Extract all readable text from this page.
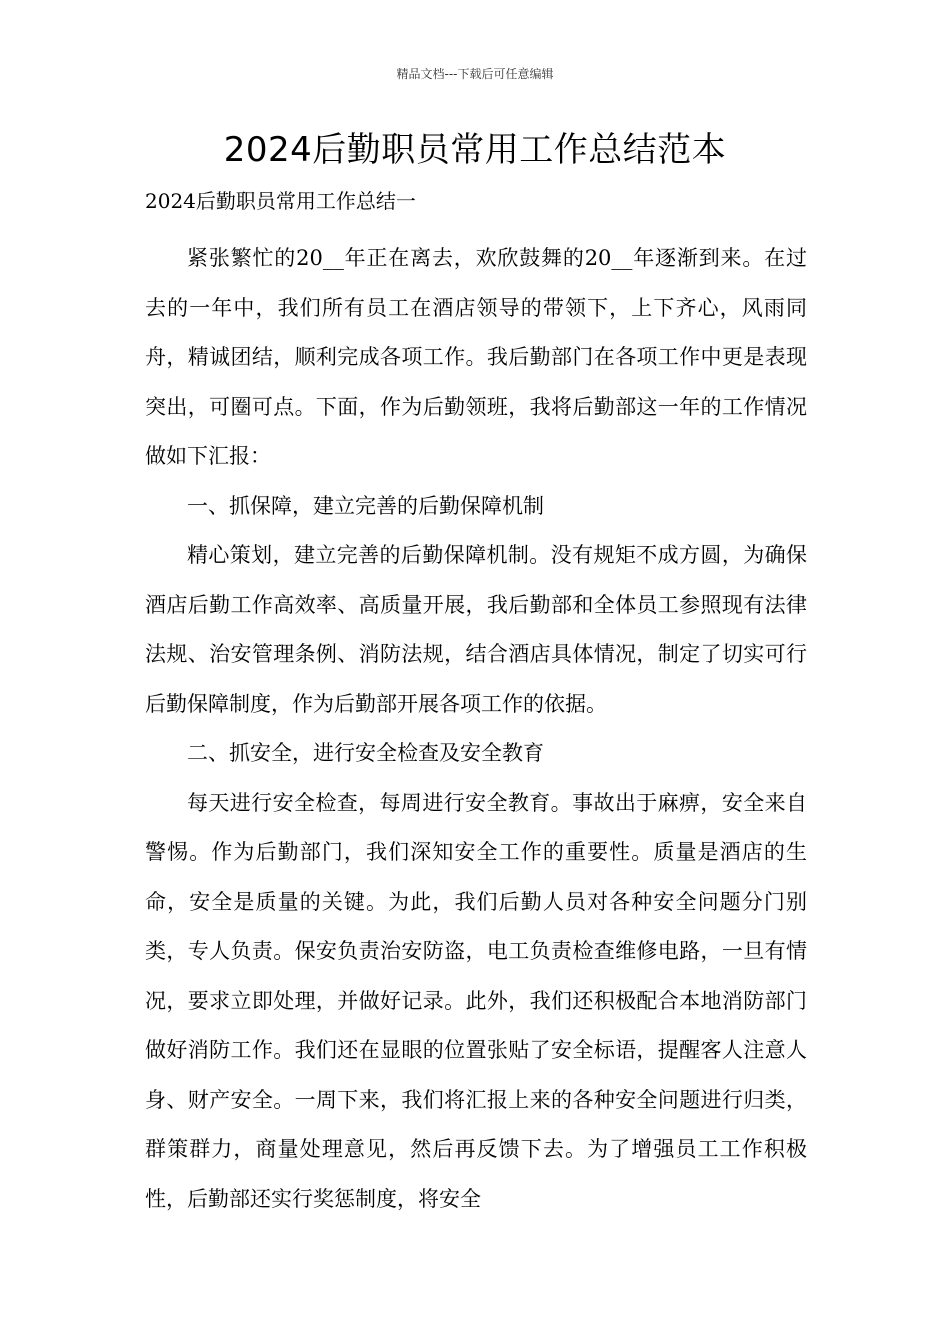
精品文档---下载后可任意编辑
2024后勤职员常用工作总结范本
2024后勤职员常用工作总结一

紧张繁忙的20__年正在离去，欢欣鼓舞的20__年逐渐到来。在过去的一年中，我们所有员工在酒店领导的带领下，上下齐心，风雨同舟，精诚团结，顺利完成各项工作。我后勤部门在各项工作中更是表现突出，可圈可点。下面，作为后勤领班，我将后勤部这一年的工作情况做如下汇报：

一、抓保障，建立完善的后勤保障机制

精心策划，建立完善的后勤保障机制。没有规矩不成方圆，为确保酒店后勤工作高效率、高质量开展，我后勤部和全体员工参照现有法律法规、治安管理条例、消防法规，结合酒店具体情况，制定了切实可行后勤保障制度，作为后勤部开展各项工作的依据。

二、抓安全，进行安全检查及安全教育

每天进行安全检查，每周进行安全教育。事故出于麻痹，安全来自警惕。作为后勤部门，我们深知安全工作的重要性。质量是酒店的生命，安全是质量的关键。为此，我们后勤人员对各种安全问题分门别类，专人负责。保安负责治安防盗，电工负责检查维修电路，一旦有情况，要求立即处理，并做好记录。此外，我们还积极配合本地消防部门做好消防工作。我们还在显眼的位置张贴了安全标语，提醒客人注意人身、财产安全。一周下来，我们将汇报上来的各种安全问题进行归类，群策群力，商量处理意见，然后再反馈下去。为了增强员工工作积极性，后勤部还实行奖惩制度，将安全
